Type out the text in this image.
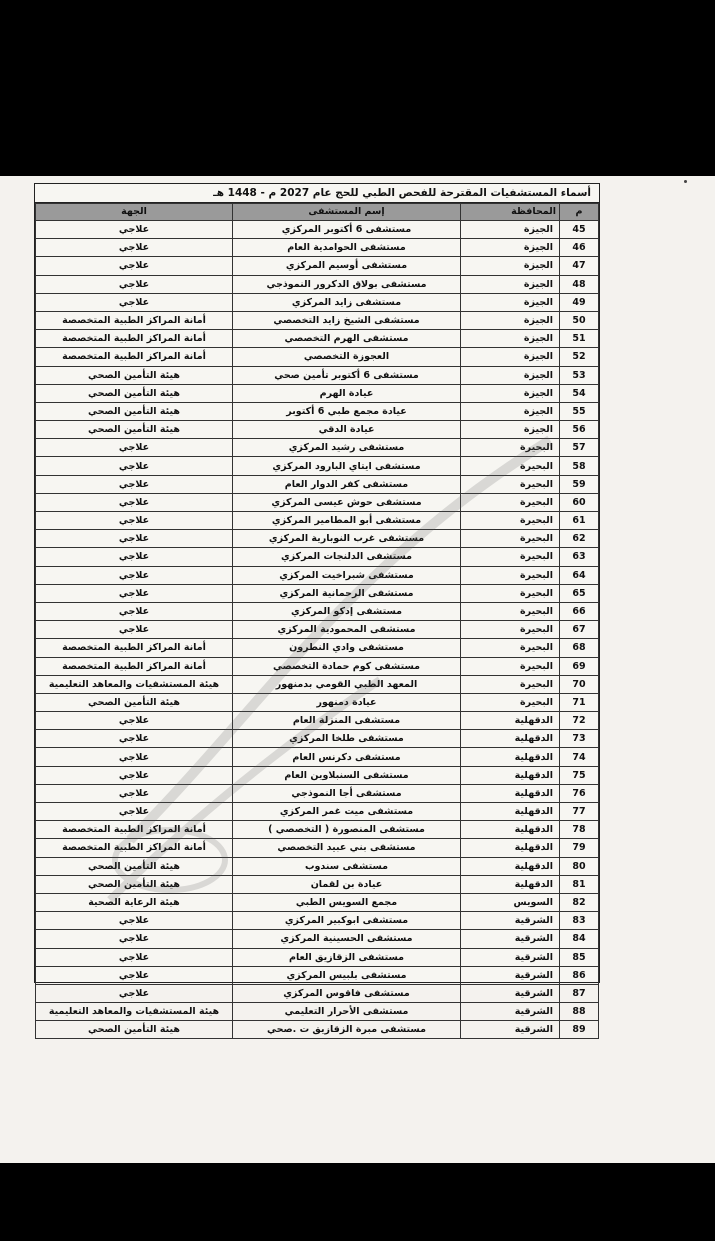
أسماء المستشفيات المقترحة للفحص الطبي للحج عام 2027 م - 1448 هـ
م	المحافظة	إسم المستشفى	الجهة
45	الجيزة	مستشفى 6 أكتوبر المركزي	علاجي
46	الجيزة	مستشفى الحوامدية العام	علاجي
47	الجيزة	مستشفى أوسيم المركزي	علاجي
48	الجيزة	مستشفى بولاق الدكرور النموذجي	علاجي
49	الجيزة	مستشفى زايد المركزي	علاجي
50	الجيزة	مستشفى الشيخ زايد التخصصي	أمانة المراكز الطبية المتخصصة
51	الجيزة	مستشفى الهرم التخصصي	أمانة المراكز الطبية المتخصصة
52	الجيزة	العجوزة التخصصي	أمانة المراكز الطبية المتخصصة
53	الجيزة	مستشفى 6 أكتوبر تأمين صحي	هيئة التأمين الصحي
54	الجيزة	عيادة الهرم	هيئة التأمين الصحي
55	الجيزة	عيادة مجمع طبي 6 أكتوبر	هيئة التأمين الصحي
56	الجيزة	عيادة الدقي	هيئة التأمين الصحي
57	البحيرة	مستشفى رشيد المركزي	علاجي
58	البحيرة	مستشفى ايتاي البارود المركزي	علاجي
59	البحيرة	مستشفى كفر الدوار العام	علاجي
60	البحيرة	مستشفى حوش عيسى المركزي	علاجي
61	البحيرة	مستشفى أبو المطامير المركزي	علاجي
62	البحيرة	مستشفى غرب النوبارية المركزي	علاجي
63	البحيرة	مستشفى الدلنجات المركزي	علاجي
64	البحيرة	مستشفى شبراخيت المركزي	علاجي
65	البحيرة	مستشفى الرحمانية المركزي	علاجي
66	البحيرة	مستشفى إدكو المركزي	علاجي
67	البحيرة	مستشفى المحمودية المركزي	علاجي
68	البحيرة	مستشفى وادي النطرون	أمانة المراكز الطبية المتخصصة
69	البحيرة	مستشفى كوم حمادة التخصصي	أمانة المراكز الطبية المتخصصة
70	البحيرة	المعهد الطبي القومي بدمنهور	هيئة المستشفيات والمعاهد التعليمية
71	البحيرة	عيادة دمنهور	هيئة التأمين الصحي
72	الدقهلية	مستشفى المنزلة العام	علاجي
73	الدقهلية	مستشفى طلخا المركزي	علاجي
74	الدقهلية	مستشفى دكرنس العام	علاجي
75	الدقهلية	مستشفى السنبلاوين العام	علاجي
76	الدقهلية	مستشفى أجا النموذجي	علاجي
77	الدقهلية	مستشفى ميت غمر المركزي	علاجي
78	الدقهلية	مستشفى المنصورة ( التخصصي )	أمانة المراكز الطبية المتخصصة
79	الدقهلية	مستشفى بني عبيد التخصصي	أمانة المراكز الطبية المتخصصة
80	الدقهلية	مستشفى سندوب	هيئة التأمين الصحي
81	الدقهلية	عيادة بن لقمان	هيئة التأمين الصحي
82	السويس	مجمع السويس الطبي	هيئة الرعاية الصحية
83	الشرقية	مستشفى ابوكبير المركزي	علاجي
84	الشرقية	مستشفى الحسينية المركزي	علاجي
85	الشرقية	مستشفى الزقازيق العام	علاجي
86	الشرقية	مستشفى بلبيس المركزي	علاجي
87	الشرقية	مستشفى فاقوس المركزي	علاجي
88	الشرقية	مستشفى الأحرار التعليمي	هيئة المستشفيات والمعاهد التعليمية
89	الشرقية	مستشفى مبرة الزقازيق ت .صحي	هيئة التأمين الصحي
